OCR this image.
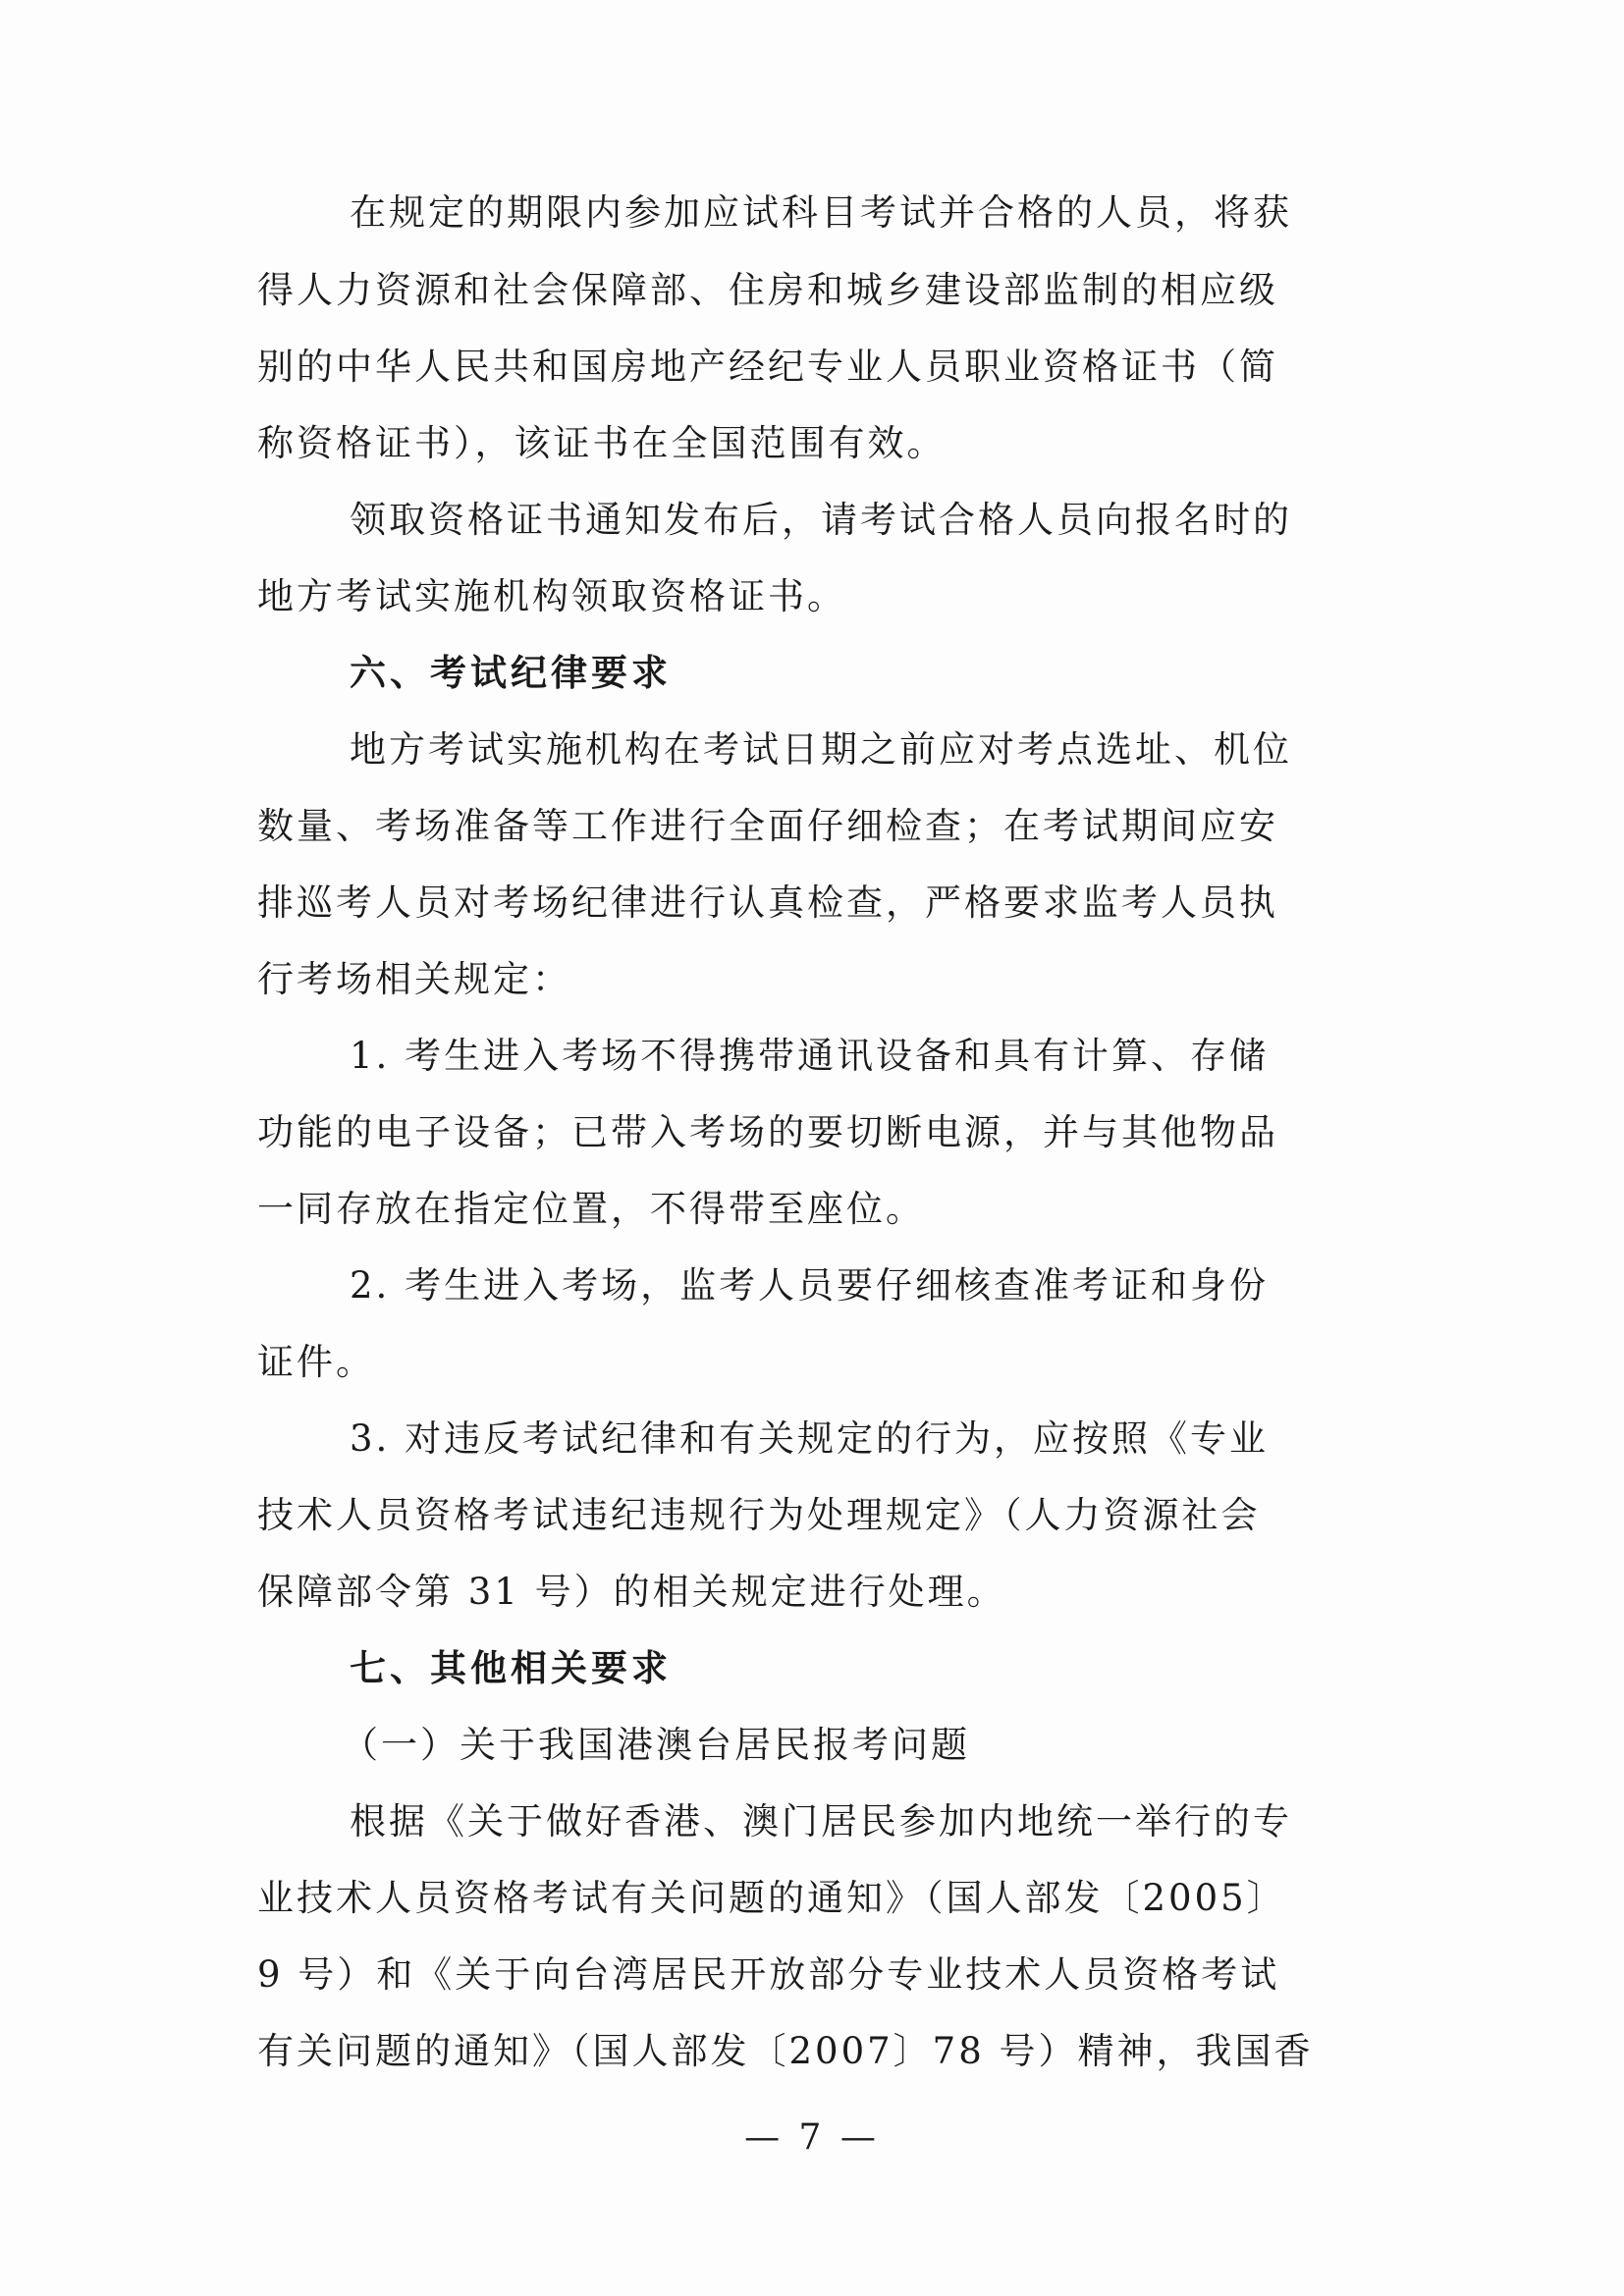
在规定的期限内参加应试科目考试并合格的人员，将获
得人力资源和社会保障部、住房和城乡建设部监制的相应级
别的中华人民共和国房地产经纪专业人员职业资格证书（简
称资格证书），该证书在全国范围有效。
领取资格证书通知发布后，请考试合格人员向报名时的
地方考试实施机构领取资格证书。
六、考试纪律要求
地方考试实施机构在考试日期之前应对考点选址、机位
数量、考场准备等工作进行全面仔细检查；在考试期间应安
排巡考人员对考场纪律进行认真检查，严格要求监考人员执
行考场相关规定：
1. 考生进入考场不得携带通讯设备和具有计算、存储
功能的电子设备；已带入考场的要切断电源，并与其他物品
一同存放在指定位置，不得带至座位。
2. 考生进入考场，监考人员要仔细核查准考证和身份
证件。
3. 对违反考试纪律和有关规定的行为，应按照《专业
技术人员资格考试违纪违规行为处理规定》（人力资源社会
保障部令第 31 号）的相关规定进行处理。
七、其他相关要求
（一）关于我国港澳台居民报考问题
根据《关于做好香港、澳门居民参加内地统一举行的专
业技术人员资格考试有关问题的通知》（国人部发〔2005〕
9 号）和《关于向台湾居民开放部分专业技术人员资格考试
有关问题的通知》（国人部发〔2007〕78 号）精神，我国香
— 7 —
